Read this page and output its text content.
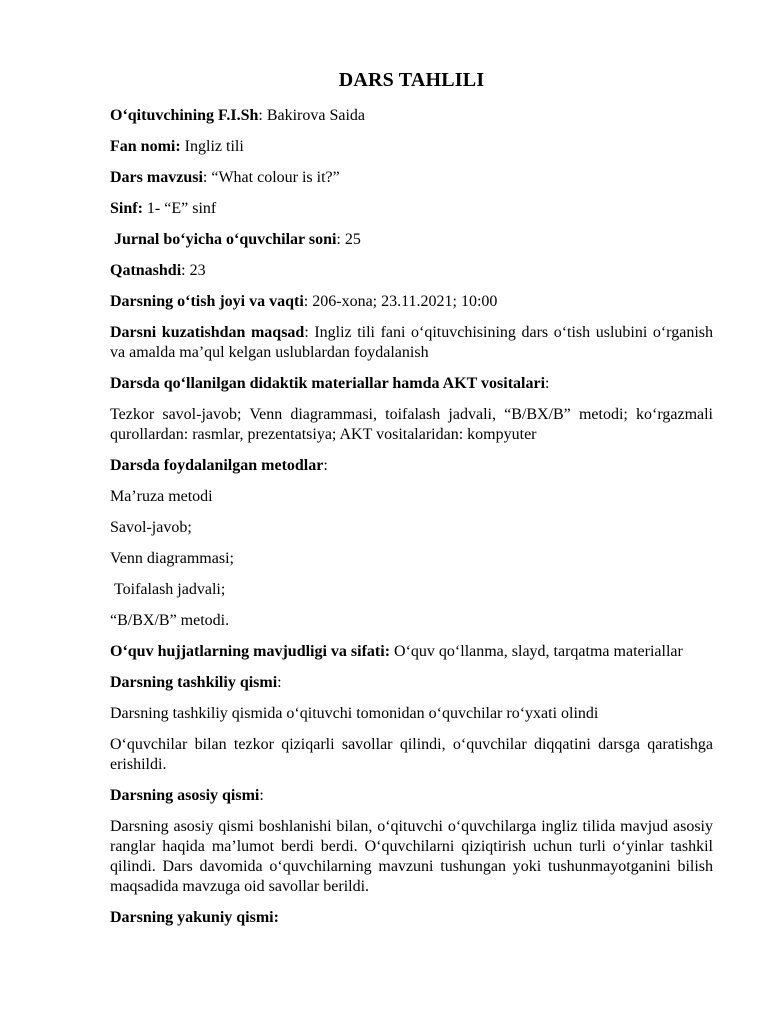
DARS TAHLILI

O‘qituvchining F.I.Sh: Bakirova Saida

Fan nomi: Ingliz tili

Dars mavzusi: “What colour is it?”

Sinf: 1- “E” sinf

Jurnal bo‘yicha o‘quvchilar soni: 25

Qatnashdi: 23

Darsning o‘tish joyi va vaqti: 206-xona; 23.11.2021; 10:00

Darsni kuzatishdan maqsad: Ingliz tili fani o‘qituvchisining dars o‘tish uslubini o‘rganish va amalda ma’qul kelgan uslublardan foydalanish

Darsda qo‘llanilgan didaktik materiallar hamda AKT vositalari:

Tezkor savol-javob; Venn diagrammasi, toifalash jadvali, “B/BX/B” metodi; ko‘rgazmali qurollardan: rasmlar, prezentatsiya; AKT vositalaridan: kompyuter

Darsda foydalanilgan metodlar:

Ma’ruza metodi

Savol-javob;

Venn diagrammasi;

Toifalash jadvali;

“B/BX/B” metodi.

O‘quv hujjatlarning mavjudligi va sifati: O‘quv qo‘llanma, slayd, tarqatma materiallar

Darsning tashkiliy qismi:

Darsning tashkiliy qismida o‘qituvchi tomonidan o‘quvchilar ro‘yxati olindi

O‘quvchilar bilan tezkor qiziqarli savollar qilindi, o‘quvchilar diqqatini darsga qaratishga erishildi.

Darsning asosiy qismi:

Darsning asosiy qismi boshlanishi bilan, o‘qituvchi o‘quvchilarga ingliz tilida mavjud asosiy ranglar haqida ma’lumot berdi berdi. O‘quvchilarni qiziqtirish uchun turli o‘yinlar tashkil qilindi. Dars davomida o‘quvchilarning mavzuni tushungan yoki tushunmayotganini bilish maqsadida mavzuga oid savollar berildi.

Darsning yakuniy qismi:
